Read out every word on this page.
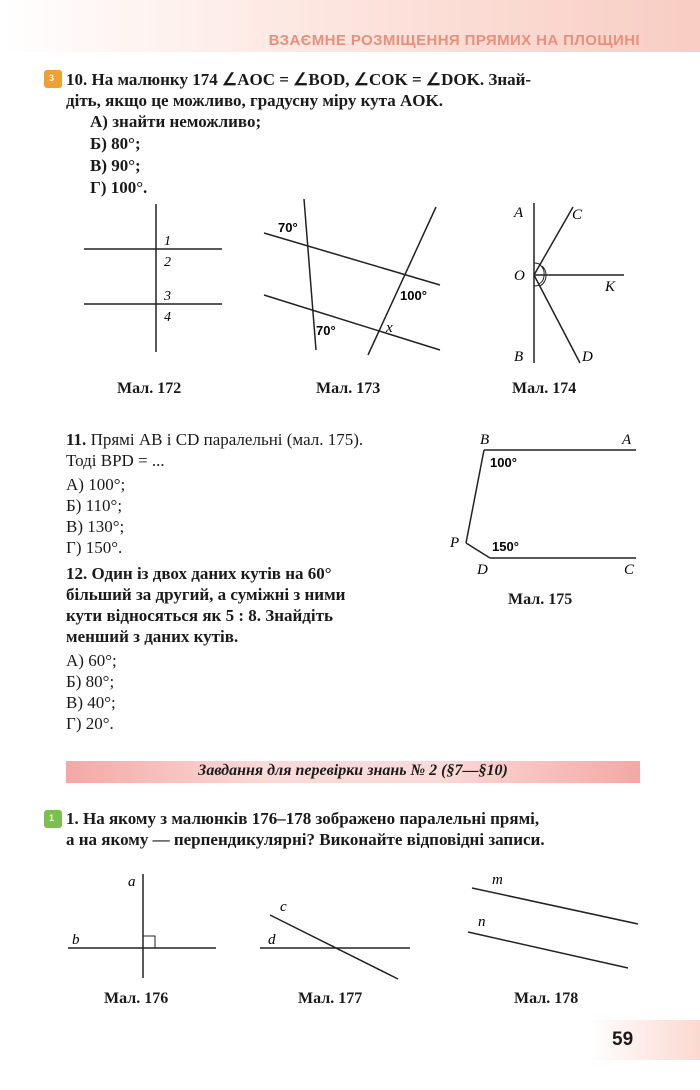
ВЗАЄМНЕ РОЗМІЩЕННЯ ПРЯМИХ НА ПЛОЩИНІ
3 10. На малюнку 174 ∠AOC = ∠BOD, ∠COK = ∠DOK. Знай-
діть, якщо це можливо, градусну міру кута AOK.
А) знайти неможливо;
Б) 80°;
В) 90°;
Г) 100°.
1
2
3
4
Мал. 172
70°
100°
70°	x
Мал. 173
A	C
O
K
B	D
Мал. 174
11. Прямі AB і CD паралельні (мал. 175).
Тоді BPD = ...
А) 100°;
Б) 110°;
В) 130°;
Г) 150°.
B	A
P
D	C
100°
150°
Мал. 175
12. Один із двох даних кутів на 60°
більший за другий, а суміжні з ними
кути відносяться як 5 : 8. Знайдіть
менший з даних кутів.
А) 60°;
Б) 80°;
В) 40°;
Г) 20°.
Завдання для перевірки знань № 2 (§7—§10)
1 1. На якому з малюнків 176–178 зображено паралельні прямі,
а на якому — перпендикулярні? Виконайте відповідні записи.
a
b
Мал. 176
c
d
Мал. 177
m
n
Мал. 178
59
